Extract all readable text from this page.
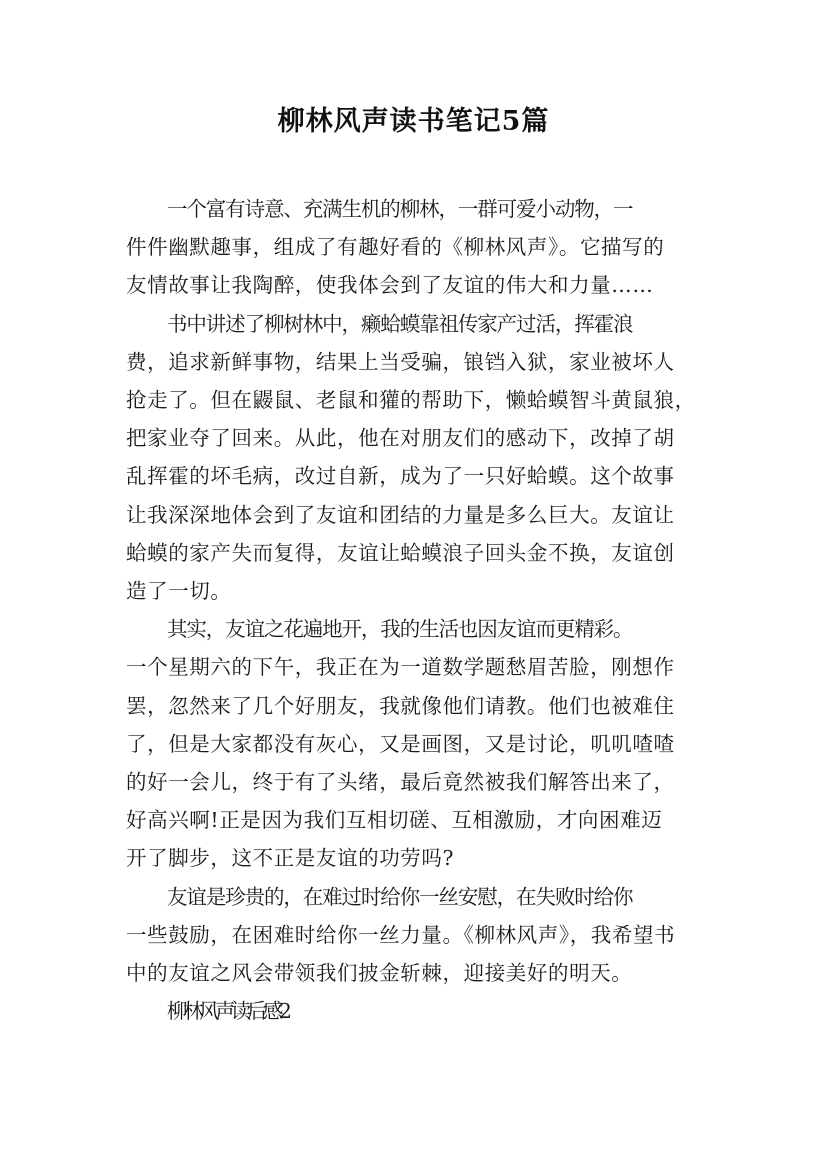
柳林风声读书笔记5篇
一个富有诗意、充满生机的柳林，一群可爱小动物，一
件件幽默趣事，组成了有趣好看的《柳林风声》。它描写的
友情故事让我陶醉，使我体会到了友谊的伟大和力量……
书中讲述了柳树林中，癞蛤蟆靠祖传家产过活，挥霍浪
费，追求新鲜事物，结果上当受骗，锒铛入狱，家业被坏人
抢走了。但在鼹鼠、老鼠和獾的帮助下，懒蛤蟆智斗黄鼠狼，
把家业夺了回来。从此，他在对朋友们的感动下，改掉了胡
乱挥霍的坏毛病，改过自新，成为了一只好蛤蟆。这个故事
让我深深地体会到了友谊和团结的力量是多么巨大。友谊让
蛤蟆的家产失而复得，友谊让蛤蟆浪子回头金不换，友谊创
造了一切。
其实，友谊之花遍地开，我的生活也因友谊而更精彩。
一个星期六的下午，我正在为一道数学题愁眉苦脸，刚想作
罢，忽然来了几个好朋友，我就像他们请教。他们也被难住
了，但是大家都没有灰心，又是画图，又是讨论，叽叽喳喳
的好一会儿，终于有了头绪，最后竟然被我们解答出来了，
好高兴啊!正是因为我们互相切磋、互相激励，才向困难迈
开了脚步，这不正是友谊的功劳吗?
友谊是珍贵的，在难过时给你一丝安慰，在失败时给你
一些鼓励，在困难时给你一丝力量。《柳林风声》，我希望书
中的友谊之风会带领我们披金斩棘，迎接美好的明天。
柳林风声读后感2
